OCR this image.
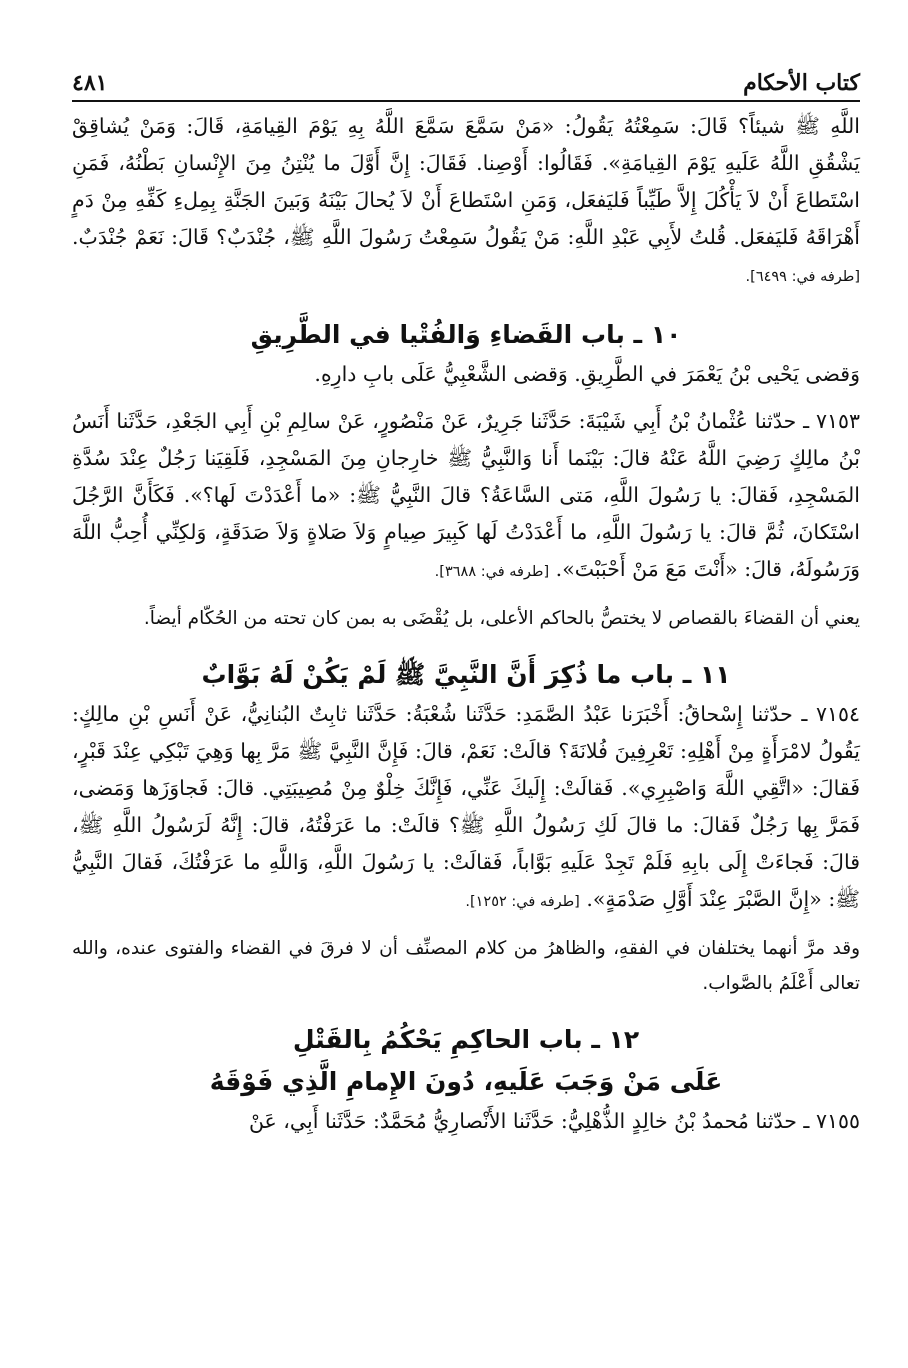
كتاب الأحكام
٤٨١

اللَّهِ ﷺ شيئاً؟ قَالَ: سَمِعْتُهُ يَقُولُ: «مَنْ سَمَّعَ سَمَّعَ اللَّهُ بِهِ يَوْمَ القِيامَةِ، قَالَ: وَمَنْ يُشاقِقْ يَشْقُقِ اللَّهُ عَلَيهِ يَوْمَ القِيامَةِ». فَقَالُوا: أَوْصِنا. فَقَالَ: إِنَّ أَوَّلَ ما يُنْتِنُ مِنَ الإِنْسانِ بَطْنُهُ، فَمَنِ اسْتَطاعَ أَنْ لاَ يَأْكُلَ إِلاَّ طَيِّباً فَليَفعَل، وَمَنِ اسْتَطاعَ أَنْ لاَ يُحالَ بَيْنَهُ وَبَينَ الجَنَّةِ بِمِلءِ كَفِّهِ مِنْ دَمٍ أَهْرَاقَهُ فَليَفعَل. قُلتُ لأَبِي عَبْدِ اللَّهِ: مَنْ يَقُولُ سَمِعْتُ رَسُولَ اللَّهِ ﷺ، جُنْدَبٌ؟ قَالَ: نَعَمْ جُنْدَبٌ. [طرفه في: ٦٤٩٩].

١٠ ـ باب القَضاءِ وَالفُتْيا في الطَّرِيقِ

وَقضى يَحْيى بْنُ يَعْمَرَ في الطَّرِيقِ. وَقضى الشَّعْبِيُّ عَلَى بابِ دارِهِ.

٧١٥٣ ـ حدّثنا عُثْمانُ بْنُ أَبِي شَيْبَةَ: حَدَّثَنا جَرِيرٌ، عَنْ مَنْصُورٍ، عَنْ سالِمِ بْنِ أَبِي الجَعْدِ، حَدَّثَنا أَنَسُ بْنُ مالِكٍ رَضِيَ اللَّهُ عَنْهُ قالَ: بَيْنَما أَنا وَالنَّبِيُّ ﷺ خارِجانِ مِنَ المَسْجِدِ، فَلَقِيَنا رَجُلٌ عِنْدَ سُدَّةِ المَسْجِدِ، فَقالَ: يا رَسُولَ اللَّهِ، مَتى السَّاعَةُ؟ قالَ النَّبِيُّ ﷺ: «ما أَعْدَدْتَ لَها؟». فَكَأَنَّ الرَّجُلَ اسْتَكانَ، ثُمَّ قالَ: يا رَسُولَ اللَّهِ، ما أَعْدَدْتُ لَها كَبِيرَ صِيامٍ وَلاَ صَلاةٍ وَلاَ صَدَقَةٍ، وَلكِنِّي أُحِبُّ اللَّهَ وَرَسُولَهُ، قالَ: «أَنْتَ مَعَ مَنْ أَحْبَبْتَ». [طرفه في: ٣٦٨٨].

يعني أن القضاءَ بالقصاص لا يختصُّ بالحاكم الأعلى، بل يُقْضَى به بمن كان تحته من الحُكّام أيضاً.

١١ ـ باب ما ذُكِرَ أَنَّ النَّبِيَّ ﷺ لَمْ يَكُنْ لَهُ بَوَّابٌ

٧١٥٤ ـ حدّثنا إِسْحاقُ: أَخْبَرَنا عَبْدُ الصَّمَدِ: حَدَّثَنا شُعْبَةُ: حَدَّثَنا ثابِتٌ البُنانِيُّ، عَنْ أَنَسِ بْنِ مالِكٍ: يَقُولُ لامْرَأَةٍ مِنْ أَهْلِهِ: تَعْرِفِينَ فُلانَةَ؟ قالَتْ: نَعَمْ، قالَ: فَإِنَّ النَّبِيَّ ﷺ مَرَّ بِها وَهِيَ تَبْكِي عِنْدَ قَبْرٍ، فَقالَ: «اتَّقِي اللَّهَ وَاصْبِرِي». فَقالَتْ: إِلَيكَ عَنِّي، فَإِنَّكَ خِلْوٌ مِنْ مُصِيبَتِي. قالَ: فَجاوَزَها وَمَضى، فَمَرَّ بِها رَجُلٌ فَقالَ: ما قالَ لَكِ رَسُولُ اللَّهِ ﷺ؟ قالَتْ: ما عَرَفْتُهُ، قالَ: إِنَّهُ لَرَسُولُ اللَّهِ ﷺ، قالَ: فَجاءَتْ إِلَى بابِهِ فَلَمْ تَجِدْ عَلَيهِ بَوَّاباً، فَقالَتْ: يا رَسُولَ اللَّهِ، وَاللَّهِ ما عَرَفْتُكَ، فَقالَ النَّبِيُّ ﷺ: «إِنَّ الصَّبْرَ عِنْدَ أَوَّلِ صَدْمَةٍ». [طرفه في: ١٢٥٢].

وقد مرَّ أنهما يختلفان في الفقهِ، والظاهرُ من كلام المصنِّف أن لا فرقَ في القضاء والفتوى عنده، والله تعالى أَعْلَمُ بالصَّواب.

١٢ ـ باب الحاكِمِ يَحْكُمُ بِالقَتْلِ
عَلَى مَنْ وَجَبَ عَلَيهِ، دُونَ الإِمامِ الَّذِي فَوْقَهُ

٧١٥٥ ـ حدّثنا مُحمدُ بْنُ خالِدٍ الذُّهْلِيُّ: حَدَّثَنا الأَنْصارِيُّ مُحَمَّدٌ: حَدَّثَنا أَبِي، عَنْ
